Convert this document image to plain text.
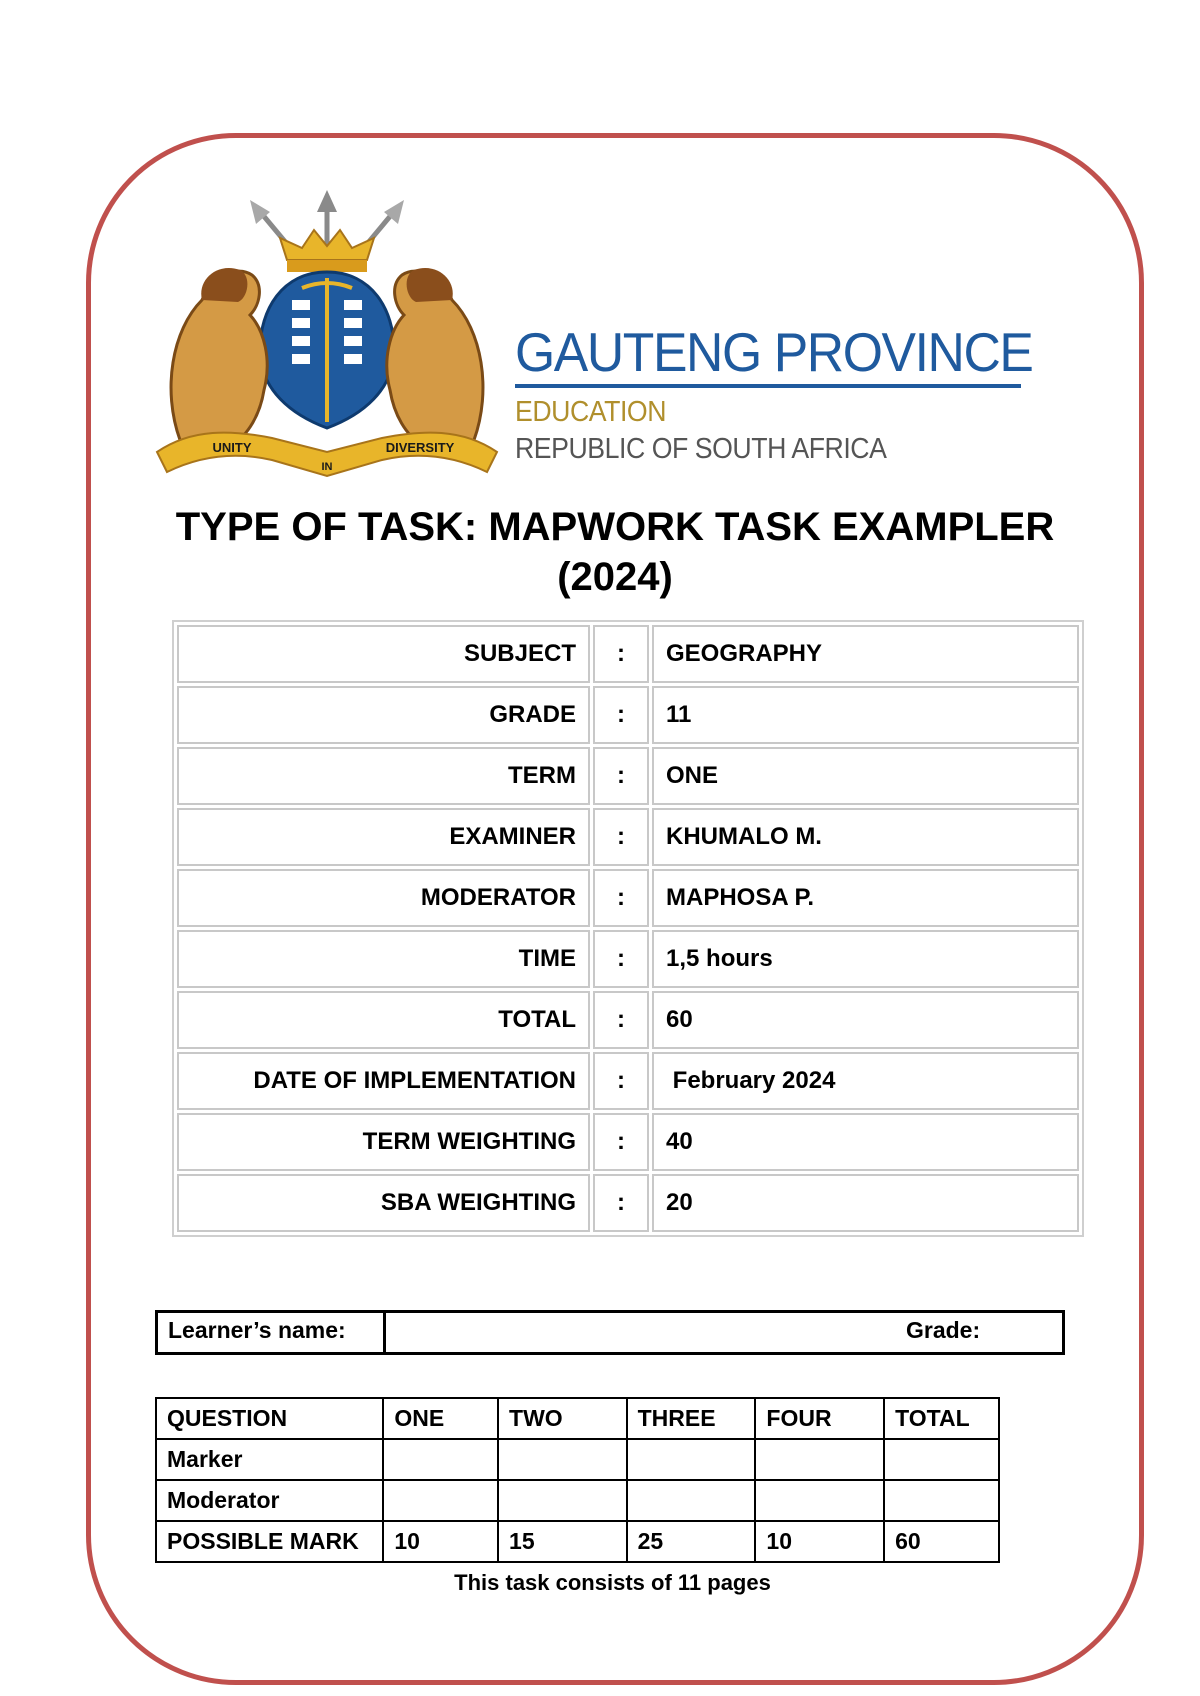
UNITY
IN
DIVERSITY
GAUTENG PROVINCE
EDUCATION
REPUBLIC OF SOUTH AFRICA
TYPE OF TASK: MAPWORK TASK EXAMPLER
(2024)
SUBJECT	:	GEOGRAPHY
GRADE	:	11
TERM	:	ONE
EXAMINER	:	KHUMALO M.
MODERATOR	:	MAPHOSA P.
TIME	:	1,5 hours
TOTAL	:	60
DATE OF IMPLEMENTATION	:	February 2024
TERM WEIGHTING	:	40
SBA WEIGHTING	:	20
Learner’s name:	Grade:
QUESTION	ONE	TWO	THREE	FOUR	TOTAL
Marker					
Moderator					
POSSIBLE MARK	10	15	25	10	60
This task consists of 11 pages
